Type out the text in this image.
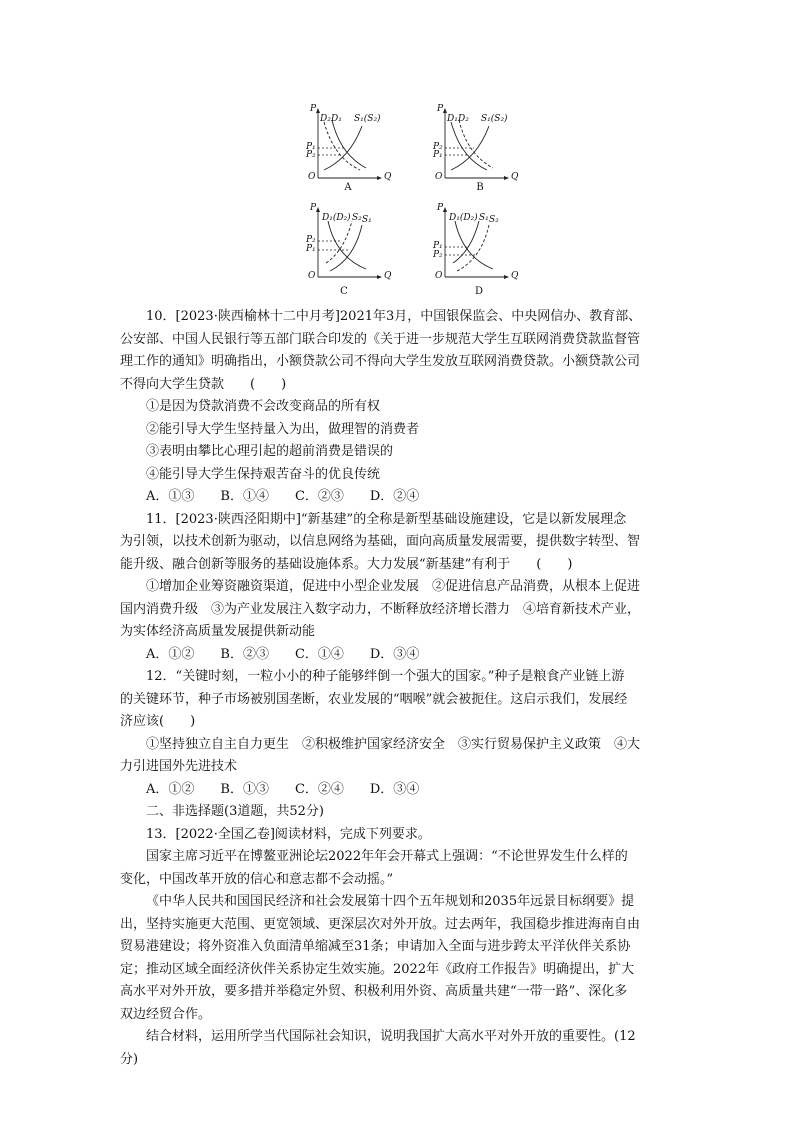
P
Q
O
D₂ D₁ S₁(S₂)
P₁
P₂
A
P
Q
O
D₁ D₂ S₁(S₂)
P₂
P₁
B
P
Q
O
D₁(D₂) S₂ S₁
P₂
P₁
C
P
Q
O
D₁(D₂) S₁ S₂
P₁
P₂
D
10．[2023·陕西榆林十二中月考]2021年3月，中国银保监会、中央网信办、教育部、
公安部、中国人民银行等五部门联合印发的《关于进一步规范大学生互联网消费贷款监督管
理工作的通知》明确指出，小额贷款公司不得向大学生发放互联网消费贷款。小额贷款公司
不得向大学生贷款　　(　　)
①是因为贷款消费不会改变商品的所有权
②能引导大学生坚持量入为出，做理智的消费者
③表明由攀比心理引起的超前消费是错误的
④能引导大学生保持艰苦奋斗的优良传统
A．①③　　B．①④　　C．②③　　D．②④
11．[2023·陕西泾阳期中]“新基建”的全称是新型基础设施建设，它是以新发展理念
为引领，以技术创新为驱动，以信息网络为基础，面向高质量发展需要，提供数字转型、智
能升级、融合创新等服务的基础设施体系。大力发展“新基建”有利于　　(　　)
①增加企业筹资融资渠道，促进中小型企业发展　②促进信息产品消费，从根本上促进
国内消费升级　③为产业发展注入数字动力，不断释放经济增长潜力　④培育新技术产业，
为实体经济高质量发展提供新动能
A．①②　　B．②③　　C．①④　　D．③④
12．“关键时刻，一粒小小的种子能够绊倒一个强大的国家。”种子是粮食产业链上游
的关键环节，种子市场被别国垄断，农业发展的“咽喉”就会被扼住。这启示我们，发展经
济应该(　　)
①坚持独立自主自力更生　②积极维护国家经济安全　③实行贸易保护主义政策　④大
力引进国外先进技术
A．①②　　B．①③　　C．②④　　D．③④
二、非选择题(3道题，共52分)
13．[2022·全国乙卷]阅读材料，完成下列要求。
国家主席习近平在博鳌亚洲论坛2022年年会开幕式上强调：“不论世界发生什么样的
变化，中国改革开放的信心和意志都不会动摇。”
《中华人民共和国国民经济和社会发展第十四个五年规划和2035年远景目标纲要》提
出，坚持实施更大范围、更宽领域、更深层次对外开放。过去两年，我国稳步推进海南自由
贸易港建设；将外资准入负面清单缩减至31条；申请加入全面与进步跨太平洋伙伴关系协
定；推动区域全面经济伙伴关系协定生效实施。2022年《政府工作报告》明确提出，扩大
高水平对外开放，要多措并举稳定外贸、积极利用外资、高质量共建“一带一路”、深化多
双边经贸合作。
结合材料，运用所学当代国际社会知识，说明我国扩大高水平对外开放的重要性。(12
分)
